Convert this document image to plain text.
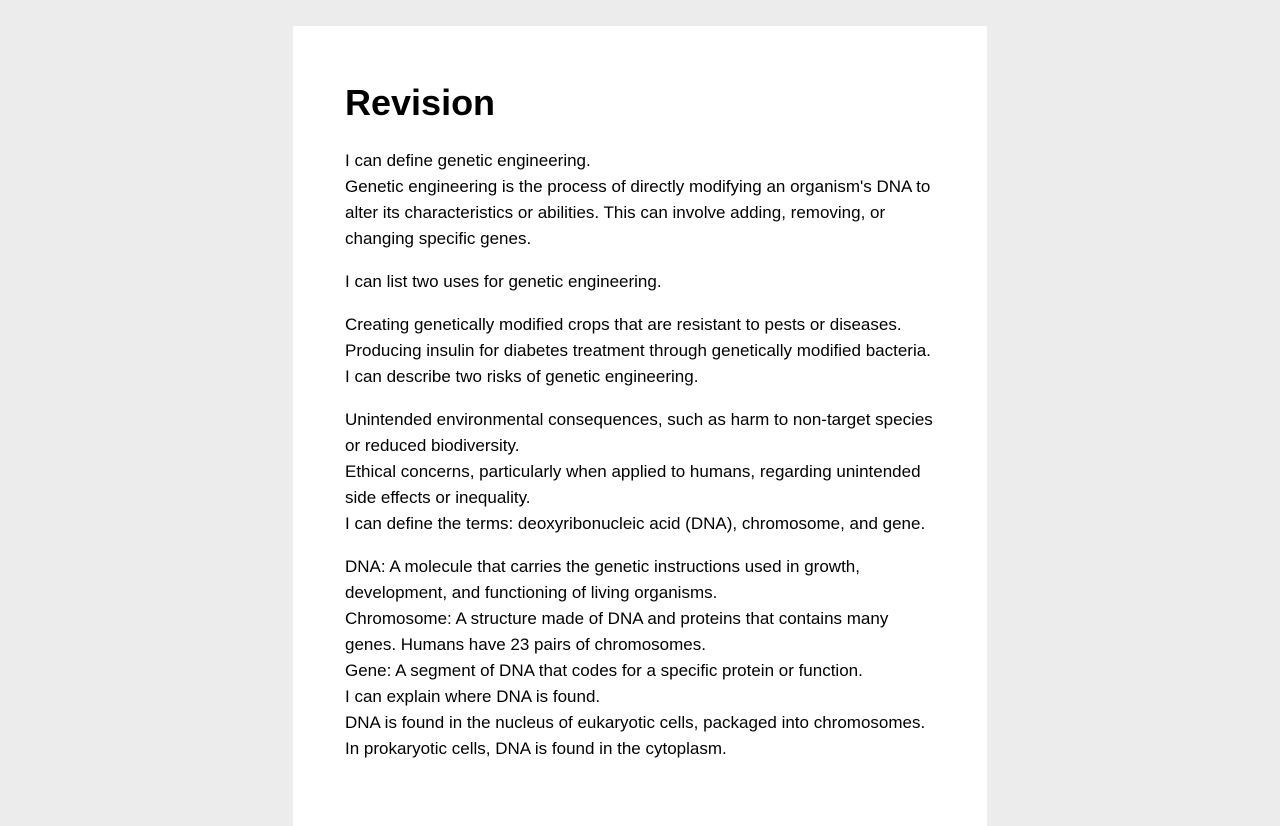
Revision
I can define genetic engineering.
Genetic engineering is the process of directly modifying an organism's DNA to alter its characteristics or abilities. This can involve adding, removing, or changing specific genes.
I can list two uses for genetic engineering.
Creating genetically modified crops that are resistant to pests or diseases.
Producing insulin for diabetes treatment through genetically modified bacteria.
I can describe two risks of genetic engineering.
Unintended environmental consequences, such as harm to non-target species or reduced biodiversity.
Ethical concerns, particularly when applied to humans, regarding unintended side effects or inequality.
I can define the terms: deoxyribonucleic acid (DNA), chromosome, and gene.
DNA: A molecule that carries the genetic instructions used in growth, development, and functioning of living organisms.
Chromosome: A structure made of DNA and proteins that contains many genes. Humans have 23 pairs of chromosomes.
Gene: A segment of DNA that codes for a specific protein or function.
I can explain where DNA is found.
DNA is found in the nucleus of eukaryotic cells, packaged into chromosomes. In prokaryotic cells, DNA is found in the cytoplasm.
